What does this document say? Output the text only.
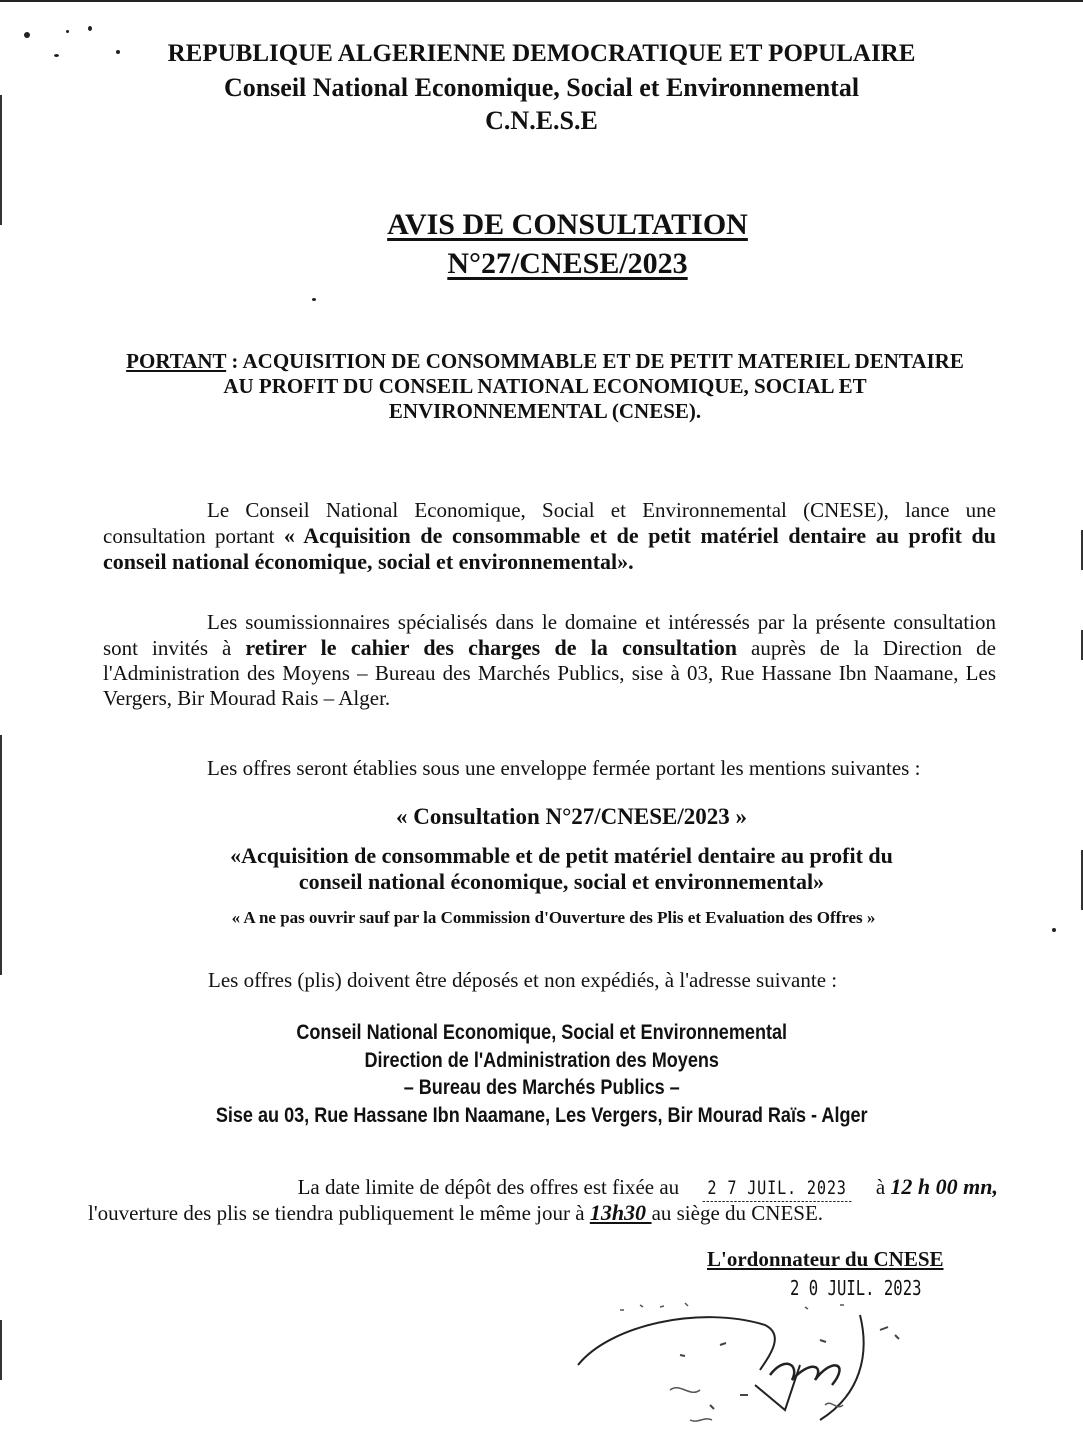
REPUBLIQUE ALGERIENNE DEMOCRATIQUE ET POPULAIRE
Conseil National Economique, Social et Environnemental
C.N.E.S.E
AVIS DE CONSULTATION
N°27/CNESE/2023
PORTANT : ACQUISITION DE CONSOMMABLE ET DE PETIT MATERIEL DENTAIRE AU PROFIT DU CONSEIL NATIONAL ECONOMIQUE, SOCIAL ET ENVIRONNEMENTAL (CNESE).
Le Conseil National Economique, Social et Environnemental (CNESE), lance une consultation portant « Acquisition de consommable et de petit matériel dentaire au profit du conseil national économique, social et environnemental».
Les soumissionnaires spécialisés dans le domaine et intéressés par la présente consultation sont invités à retirer le cahier des charges de la consultation auprès de la Direction de l'Administration des Moyens – Bureau des Marchés Publics, sise à 03, Rue Hassane Ibn Naamane, Les Vergers, Bir Mourad Rais – Alger.
Les offres seront établies sous une enveloppe fermée portant les mentions suivantes :
« Consultation N°27/CNESE/2023 »
«Acquisition de consommable et de petit matériel dentaire au profit du
conseil national économique, social et environnemental»
« A ne pas ouvrir sauf par la Commission d'Ouverture des Plis et Evaluation des Offres »
Les offres (plis) doivent être déposés et non expédiés, à l'adresse suivante :
Conseil National Economique, Social et Environnemental
Direction de l'Administration des Moyens
– Bureau des Marchés Publics –
Sise au 03, Rue Hassane Ibn Naamane, Les Vergers, Bir Mourad Raïs - Alger
La date limite de dépôt des offres est fixée au 2 7 JUIL. 2023 à 12 h 00 mn,
l'ouverture des plis se tiendra publiquement le même jour à 13h30 au siège du CNESE.
L'ordonnateur du CNESE
2 0 JUIL. 2023
